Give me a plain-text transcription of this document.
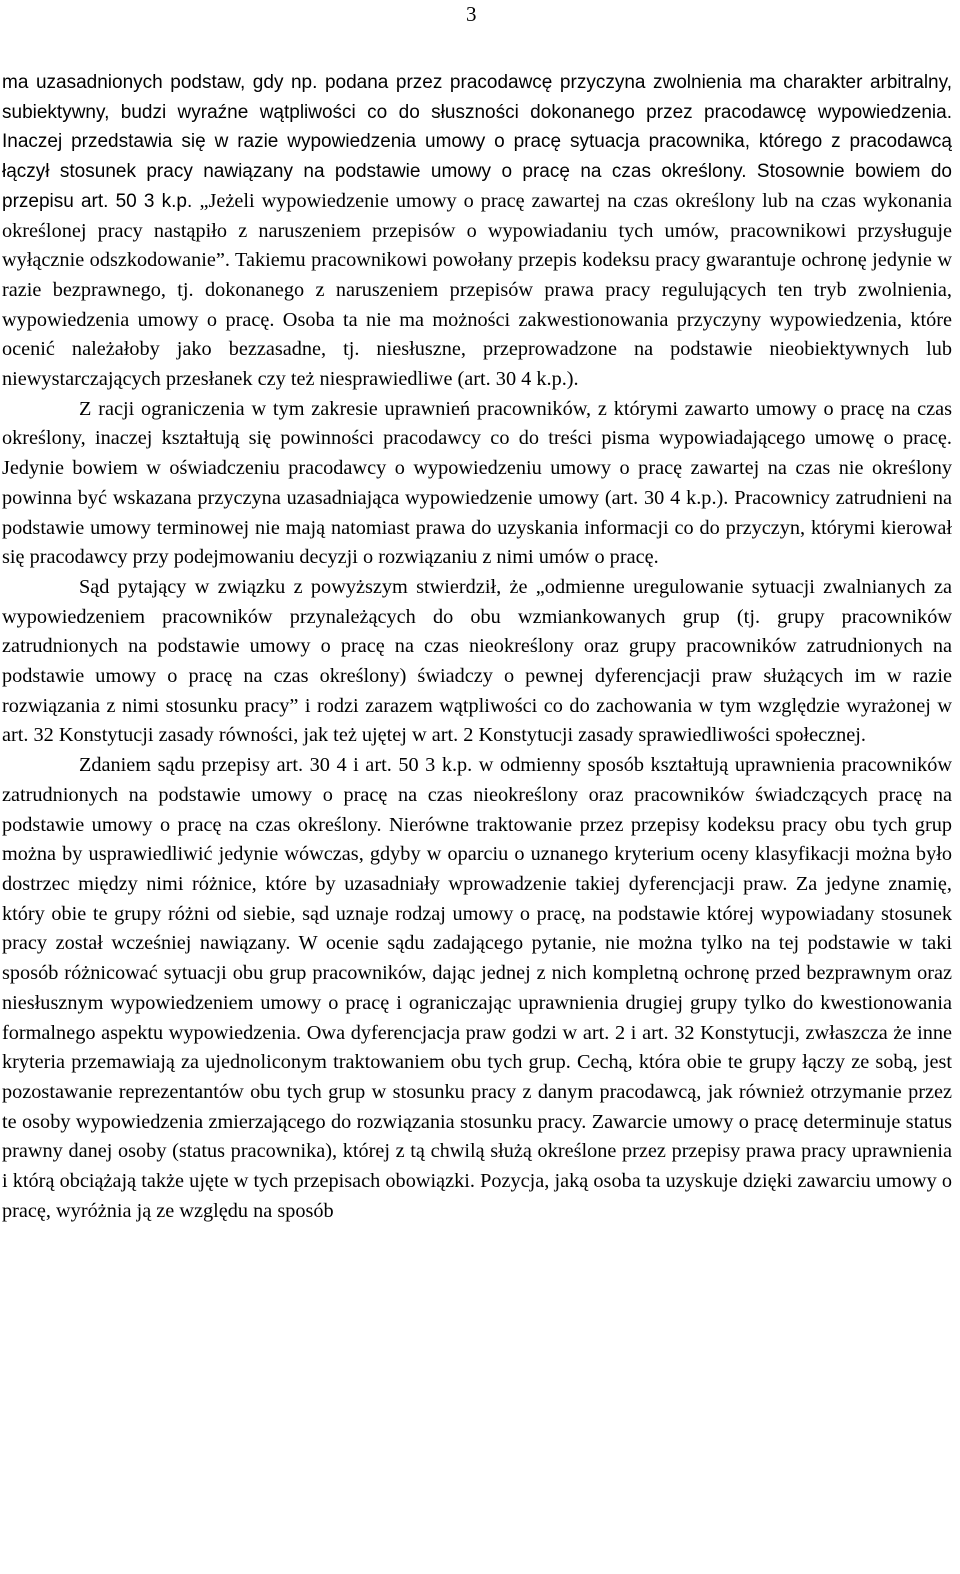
3

ma uzasadnionych podstaw, gdy np. podana przez pracodawcę przyczyna zwolnienia ma charakter arbitralny, subiektywny, budzi wyraźne wątpliwości co do słuszności dokonanego przez pracodawcę wypowiedzenia. Inaczej przedstawia się w razie wypowiedzenia umowy o pracę sytuacja pracownika, którego z pracodawcą łączył stosunek pracy nawiązany na podstawie umowy o pracę na czas określony. Stosownie bowiem do przepisu art. 50 3 k.p. „Jeżeli wypowiedzenie umowy o pracę zawartej na czas określony lub na czas wykonania określonej pracy nastąpiło z naruszeniem przepisów o wypowiadaniu tych umów, pracownikowi przysługuje wyłącznie odszkodowanie”. Takiemu pracownikowi powołany przepis kodeksu pracy gwarantuje ochronę jedynie w razie bezprawnego, tj. dokonanego z naruszeniem przepisów prawa pracy regulujących ten tryb zwolnienia, wypowiedzenia umowy o pracę. Osoba ta nie ma możności zakwestionowania przyczyny wypowiedzenia, które ocenić należałoby jako bezzasadne, tj. niesłuszne, przeprowadzone na podstawie nieobiektywnych lub niewystarczających przesłanek czy też niesprawiedliwe (art. 30 4 k.p.).

Z racji ograniczenia w tym zakresie uprawnień pracowników, z którymi zawarto umowy o pracę na czas określony, inaczej kształtują się powinności pracodawcy co do treści pisma wypowiadającego umowę o pracę. Jedynie bowiem w oświadczeniu pracodawcy o wypowiedzeniu umowy o pracę zawartej na czas nie określony powinna być wskazana przyczyna uzasadniająca wypowiedzenie umowy (art. 30 4 k.p.). Pracownicy zatrudnieni na podstawie umowy terminowej nie mają natomiast prawa do uzyskania informacji co do przyczyn, którymi kierował się pracodawcy przy podejmowaniu decyzji o rozwiązaniu z nimi umów o pracę.

Sąd pytający w związku z powyższym stwierdził, że „odmienne uregulowanie sytuacji zwalnianych za wypowiedzeniem pracowników przynależących do obu wzmiankowanych grup (tj. grupy pracowników zatrudnionych na podstawie umowy o pracę na czas nieokreślony oraz grupy pracowników zatrudnionych na podstawie umowy o pracę na czas określony) świadczy o pewnej dyferencjacji praw służących im w razie rozwiązania z nimi stosunku pracy” i rodzi zarazem wątpliwości co do zachowania w tym względzie wyrażonej w art. 32 Konstytucji zasady równości, jak też ujętej w art. 2 Konstytucji zasady sprawiedliwości społecznej.

Zdaniem sądu przepisy art. 30 4 i art. 50 3 k.p. w odmienny sposób kształtują uprawnienia pracowników zatrudnionych na podstawie umowy o pracę na czas nieokreślony oraz pracowników świadczących pracę na podstawie umowy o pracę na czas określony. Nierówne traktowanie przez przepisy kodeksu pracy obu tych grup można by usprawiedliwić jedynie wówczas, gdyby w oparciu o uznanego kryterium oceny klasyfikacji można było dostrzec między nimi różnice, które by uzasadniały wprowadzenie takiej dyferencjacji praw. Za jedyne znamię, który obie te grupy różni od siebie, sąd uznaje rodzaj umowy o pracę, na podstawie której wypowiadany stosunek pracy został wcześniej nawiązany. W ocenie sądu zadającego pytanie, nie można tylko na tej podstawie w taki sposób różnicować sytuacji obu grup pracowników, dając jednej z nich kompletną ochronę przed bezprawnym oraz niesłusznym wypowiedzeniem umowy o pracę i ograniczając uprawnienia drugiej grupy tylko do kwestionowania formalnego aspektu wypowiedzenia. Owa dyferencjacja praw godzi w art. 2 i art. 32 Konstytucji, zwłaszcza że inne kryteria przemawiają za ujednoliconym traktowaniem obu tych grup. Cechą, która obie te grupy łączy ze sobą, jest pozostawanie reprezentantów obu tych grup w stosunku pracy z danym pracodawcą, jak również otrzymanie przez te osoby wypowiedzenia zmierzającego do rozwiązania stosunku pracy. Zawarcie umowy o pracę determinuje status prawny danej osoby (status pracownika), której z tą chwilą służą określone przez przepisy prawa pracy uprawnienia i którą obciążają także ujęte w tych przepisach obowiązki. Pozycja, jaką osoba ta uzyskuje dzięki zawarciu umowy o pracę, wyróżnia ją ze względu na sposób
